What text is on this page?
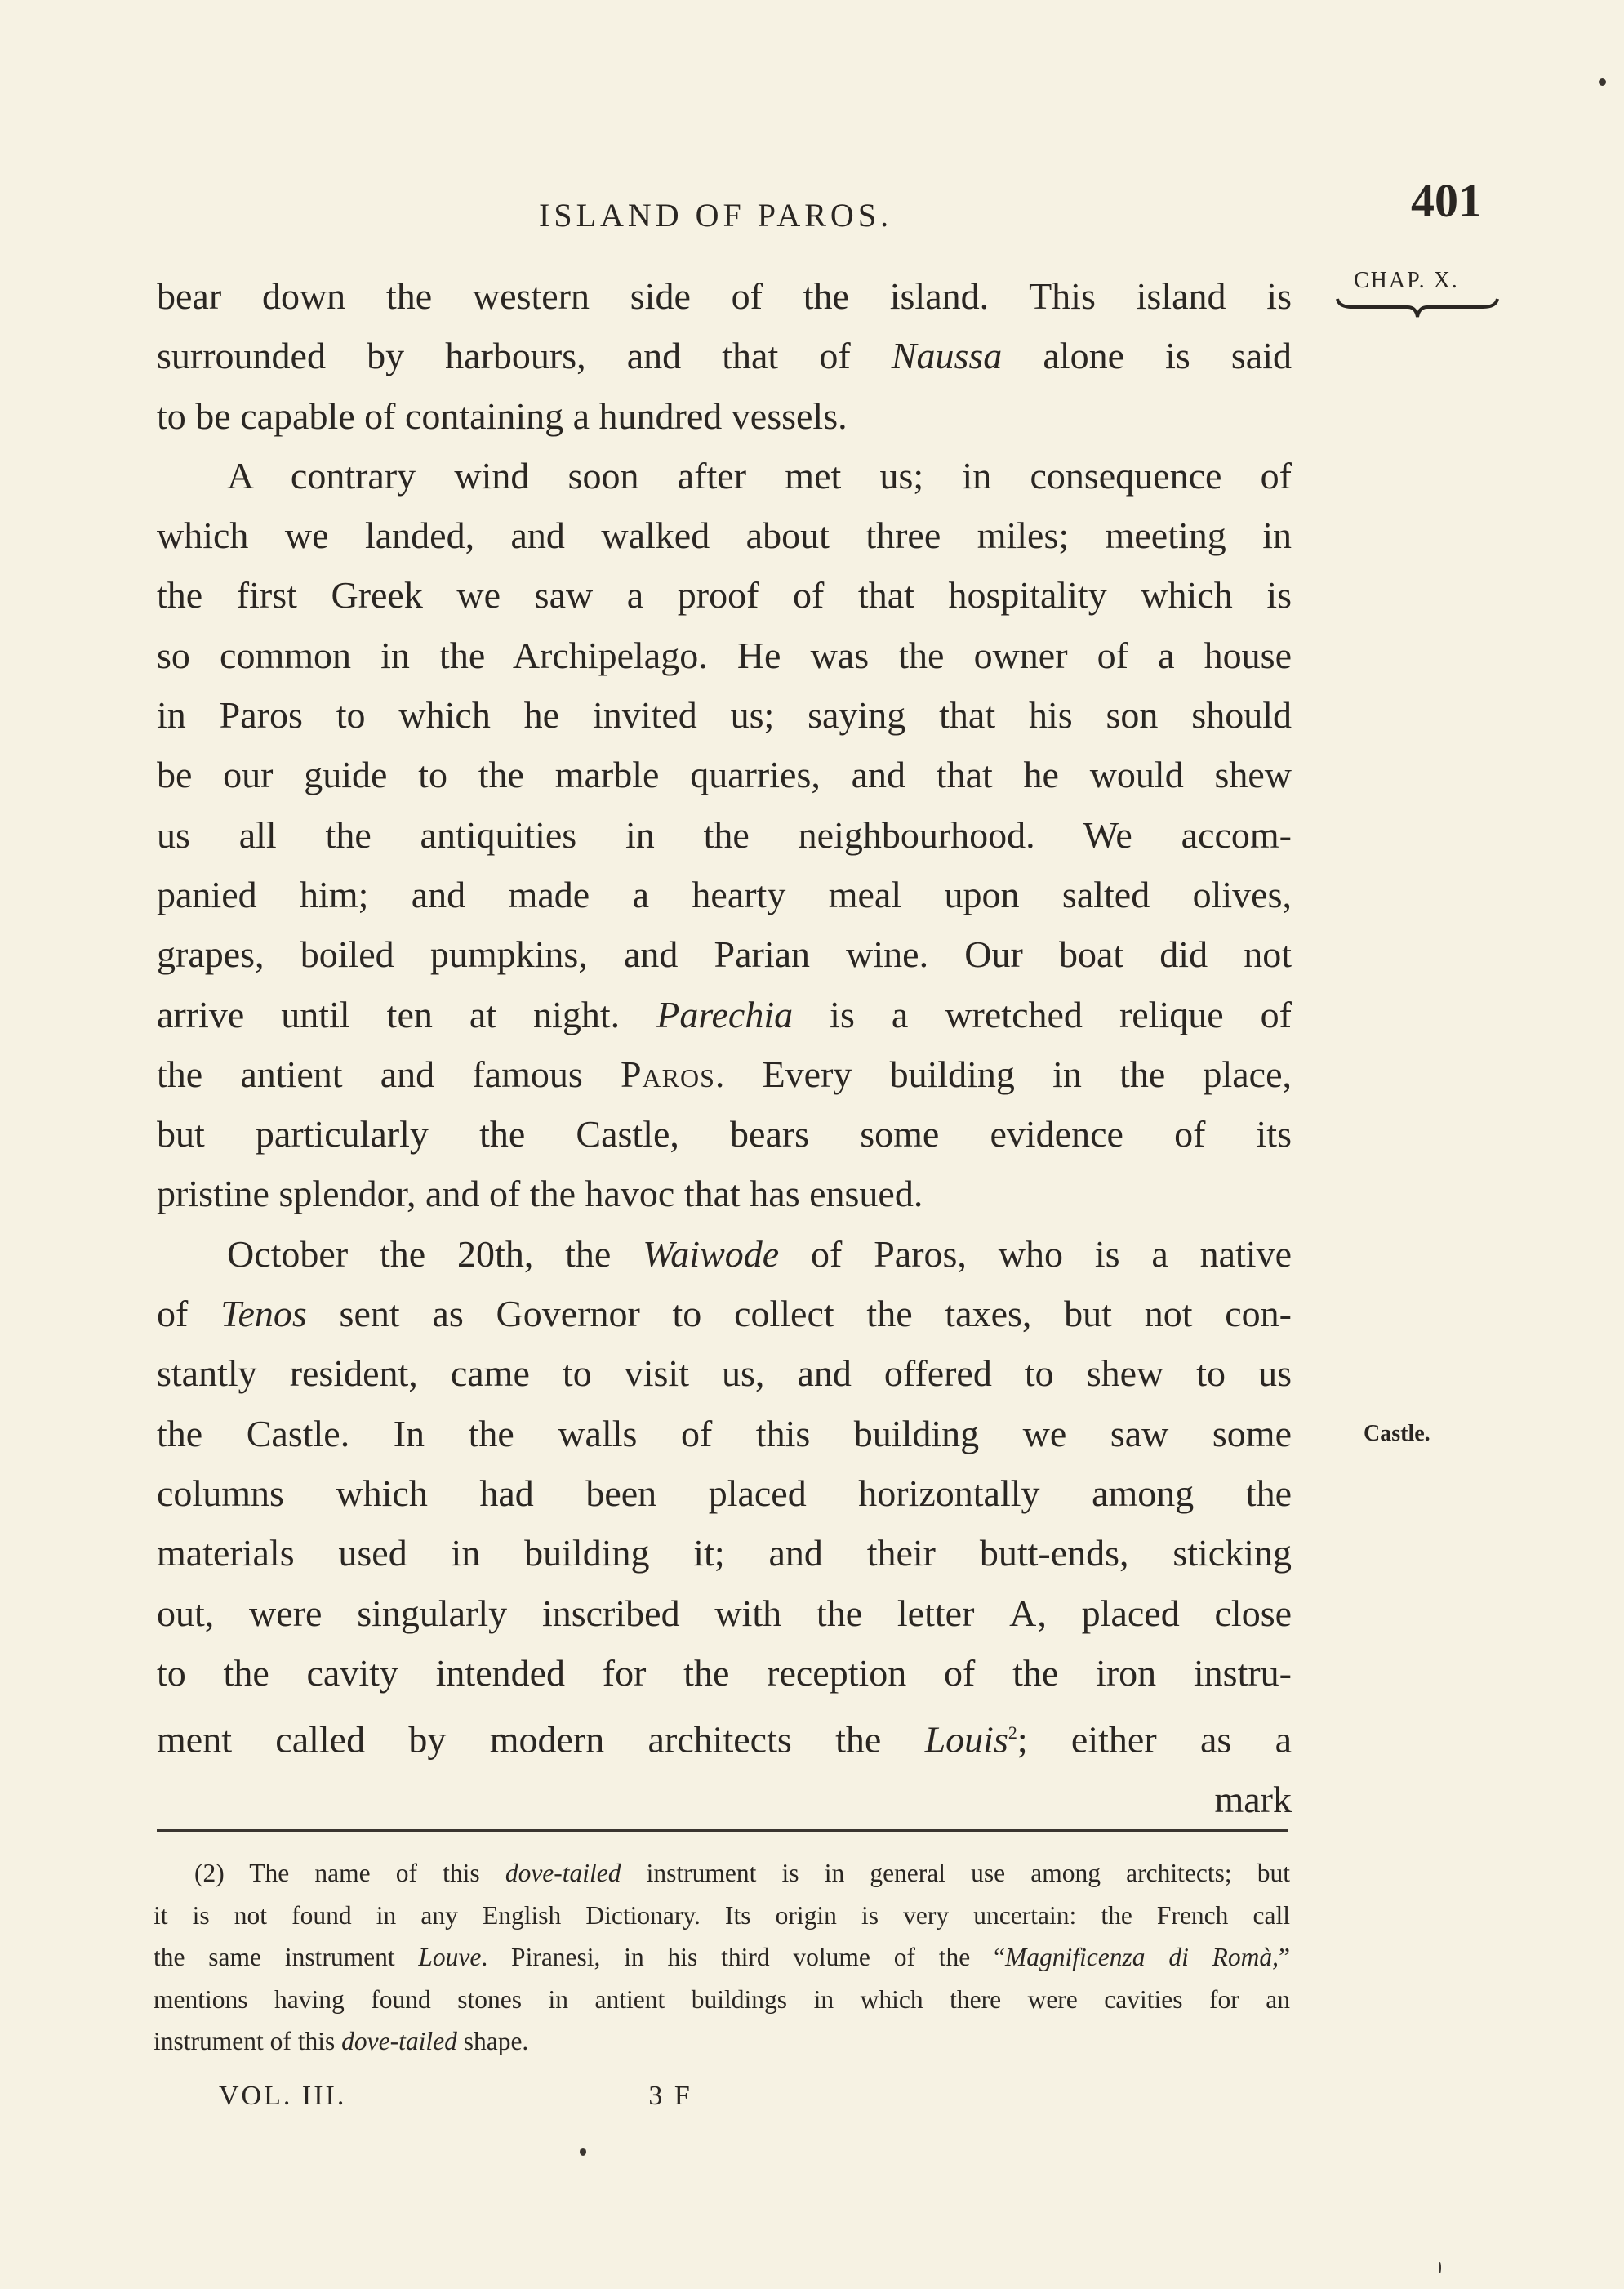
ISLAND OF PAROS.	401
CHAP. X.
bear down the western side of the island. This island is
surrounded by harbours, and that of Naussa alone is said
to be capable of containing a hundred vessels.
A contrary wind soon after met us; in consequence of
which we landed, and walked about three miles; meeting in
the first Greek we saw a proof of that hospitality which is
so common in the Archipelago. He was the owner of a house
in Paros to which he invited us; saying that his son should
be our guide to the marble quarries, and that he would shew
us all the antiquities in the neighbourhood. We accom-
panied him; and made a hearty meal upon salted olives,
grapes, boiled pumpkins, and Parian wine. Our boat did not
arrive until ten at night. Parechia is a wretched relique of
the antient and famous Paros. Every building in the place,
but particularly the Castle, bears some evidence of its
pristine splendor, and of the havoc that has ensued.
October the 20th, the Waiwode of Paros, who is a native
of Tenos sent as Governor to collect the taxes, but not con-
stantly resident, came to visit us, and offered to shew to us
the Castle. In the walls of this building we saw some
columns which had been placed horizontally among the
materials used in building it; and their butt-ends, sticking
out, were singularly inscribed with the letter A, placed close
to the cavity intended for the reception of the iron instru-
ment called by modern architects the Louis$^2$; either as a
mark
Castle.
(2) The name of this dove-tailed instrument is in general use among architects; but
it is not found in any English Dictionary. Its origin is very uncertain: the French call
the same instrument Louve. Piranesi, in his third volume of the “Magnificenza di Romà,”
mentions having found stones in antient buildings in which there were cavities for an
instrument of this dove-tailed shape.
VOL. III.	3 F
